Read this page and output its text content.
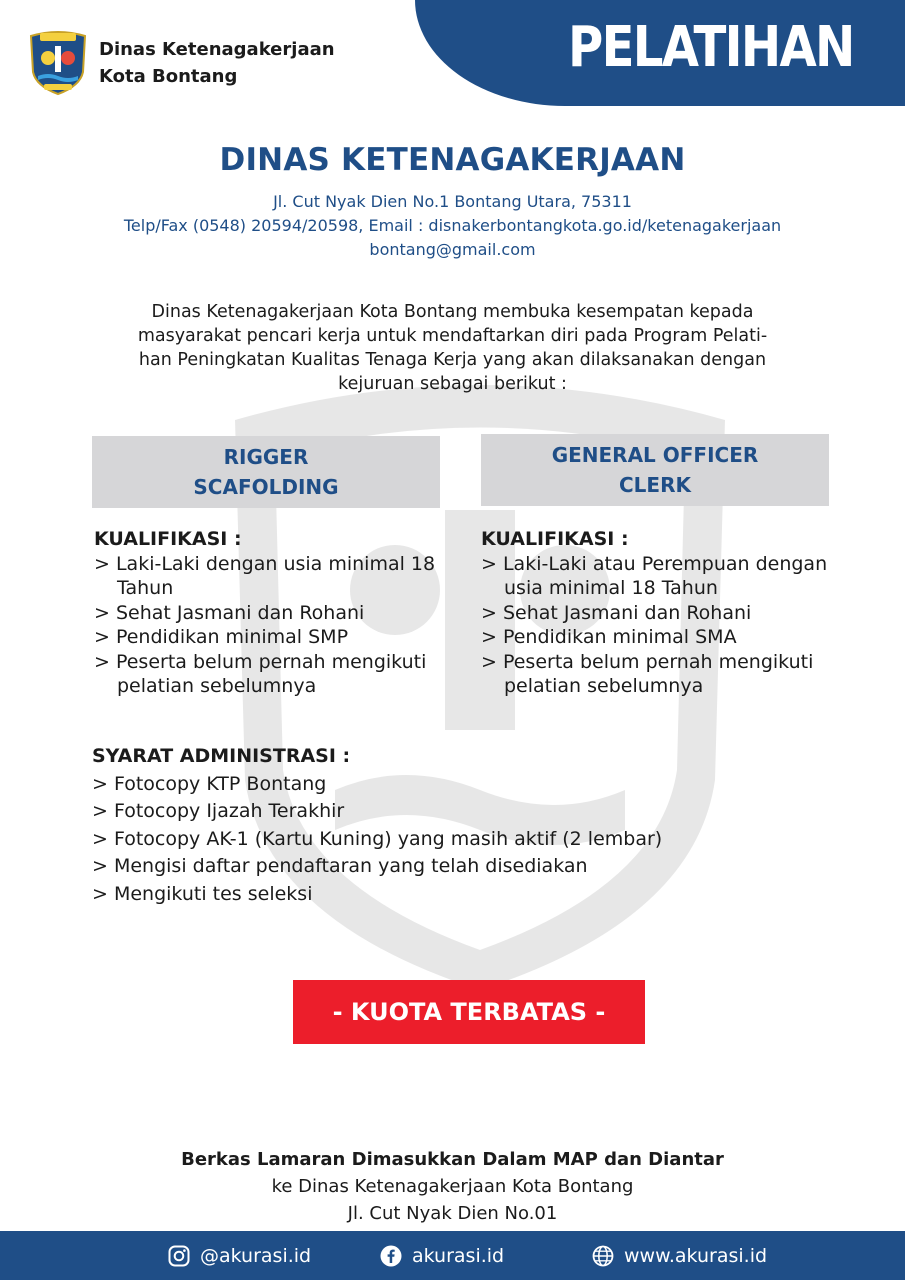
PELATIHAN
Dinas Ketenagakerjaan
Kota Bontang
DINAS KETENAGAKERJAAN
Jl. Cut Nyak Dien No.1 Bontang Utara, 75311
Telp/Fax (0548) 20594/20598, Email : disnakerbontangkota.go.id/ketenagakerjaan
bontang@gmail.com
Dinas Ketenagakerjaan Kota Bontang membuka kesempatan kepada
masyarakat pencari kerja untuk mendaftarkan diri pada Program Pelati-
han Peningkatan Kualitas Tenaga Kerja yang akan dilaksanakan dengan
kejuruan sebagai berikut :
RIGGER
SCAFOLDING
GENERAL OFFICER
CLERK
KUALIFIKASI :
> Laki-Laki dengan usia minimal 18 Tahun
> Sehat Jasmani dan Rohani
> Pendidikan minimal SMP
> Peserta belum pernah mengikuti pelatian sebelumnya
KUALIFIKASI :
> Laki-Laki atau Perempuan dengan usia minimal 18 Tahun
> Sehat Jasmani dan Rohani
> Pendidikan minimal SMA
> Peserta belum pernah mengikuti pelatian sebelumnya
SYARAT ADMINISTRASI :
> Fotocopy KTP Bontang
> Fotocopy Ijazah Terakhir
> Fotocopy AK-1 (Kartu Kuning) yang masih aktif (2 lembar)
> Mengisi daftar pendaftaran yang telah disediakan
> Mengikuti tes seleksi
- KUOTA TERBATAS -
Berkas Lamaran Dimasukkan Dalam MAP dan Diantar
ke Dinas Ketenagakerjaan Kota Bontang
Jl. Cut Nyak Dien No.01
@akurasi.id	akurasi.id	www.akurasi.id
